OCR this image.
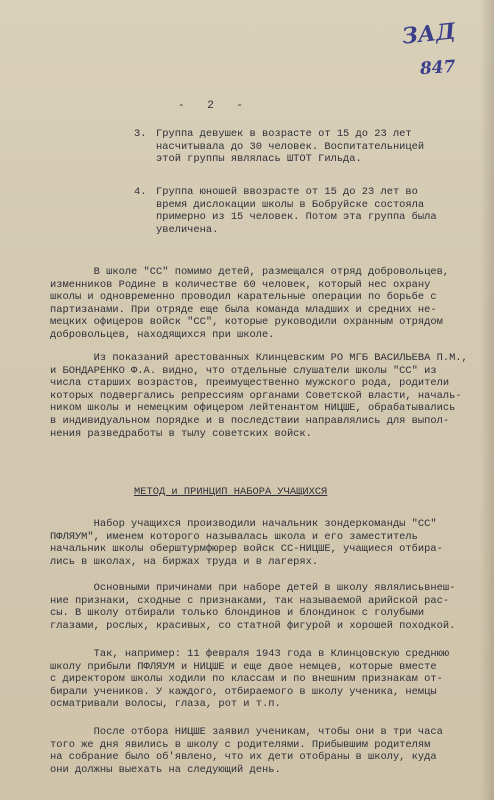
ЗАД
847
- 2 -
3. Группа девушек в возрасте от 15 до 23 лет
насчитывала до 30 человек. Воспитательницей
этой группы являлась ШТОТ Гильда.
4. Группа юношей ввозрасте от 15 до 23 лет во
время дислокации школы в Бобруйске состояла
примерно из 15 человек. Потом эта группа была
увеличена.
В школе "СС" помимо детей, размещался отряд добровольцев,
изменников Родине в количестве 60 человек, который нес охрану
школы и одновременно проводил карательные операции по борьбе с
партизанами. При отряде еще была команда младших и средних не-
мецких офицеров войск "СС", которые руководили охранным отрядом
добровольцев, находящихся при школе.
Из показаний арестованных Клинцевским РО МГБ ВАСИЛЬЕВА П.М.,
и БОНДАРЕНКО Ф.А. видно, что отдельные слушатели школы "СС" из
числа старших возрастов, преимущественно мужского рода, родители
которых подвергались репрессиям органами Советской власти, началь-
ником школы и немецким офицером лейтенантом НИЦШЕ, обрабатывались
в индивидуальном порядке и в последствии направлялись для выпол-
нения разведработы в тылу советских войск.
МЕТОД и ПРИНЦИП НАБОРА УЧАЩИХСЯ
Набор учащихся производили начальник зондеркоманды "СС"
ПФЛЯУМ", именем которого называлась школа и его заместитель
начальник школы оберштурмфюрер войск СС-НИЦШЕ, учащиеся отбира-
лись в школах, на биржах труда и в лагерях.
Основными причинами при наборе детей в школу являлисьвнеш-
ние признаки, сходные с признаками, так называемой арийской рас-
сы. В школу отбирали только блондинов и блондинок с голубыми
глазами, рослых, красивых, со статной фигурой и хорошей походкой.
Так, например: 11 февраля 1943 года в Клинцовскую среднюю
школу прибыли ПФЛЯУМ и НИЦШЕ и еще двое немцев, которые вместе
с директором школы ходили по классам и по внешним признакам от-
бирали учеников. У каждого, отбираемого в школу ученика, немцы
осматривали волосы, глаза, рот и т.п.
После отбора НИЦШЕ заявил ученикам, чтобы они в три часа
того же дня явились в школу с родителями. Прибывшим родителям
на собрание было об'явлено, что их дети отобраны в школу, куда
они должны выехать на следующий день.
